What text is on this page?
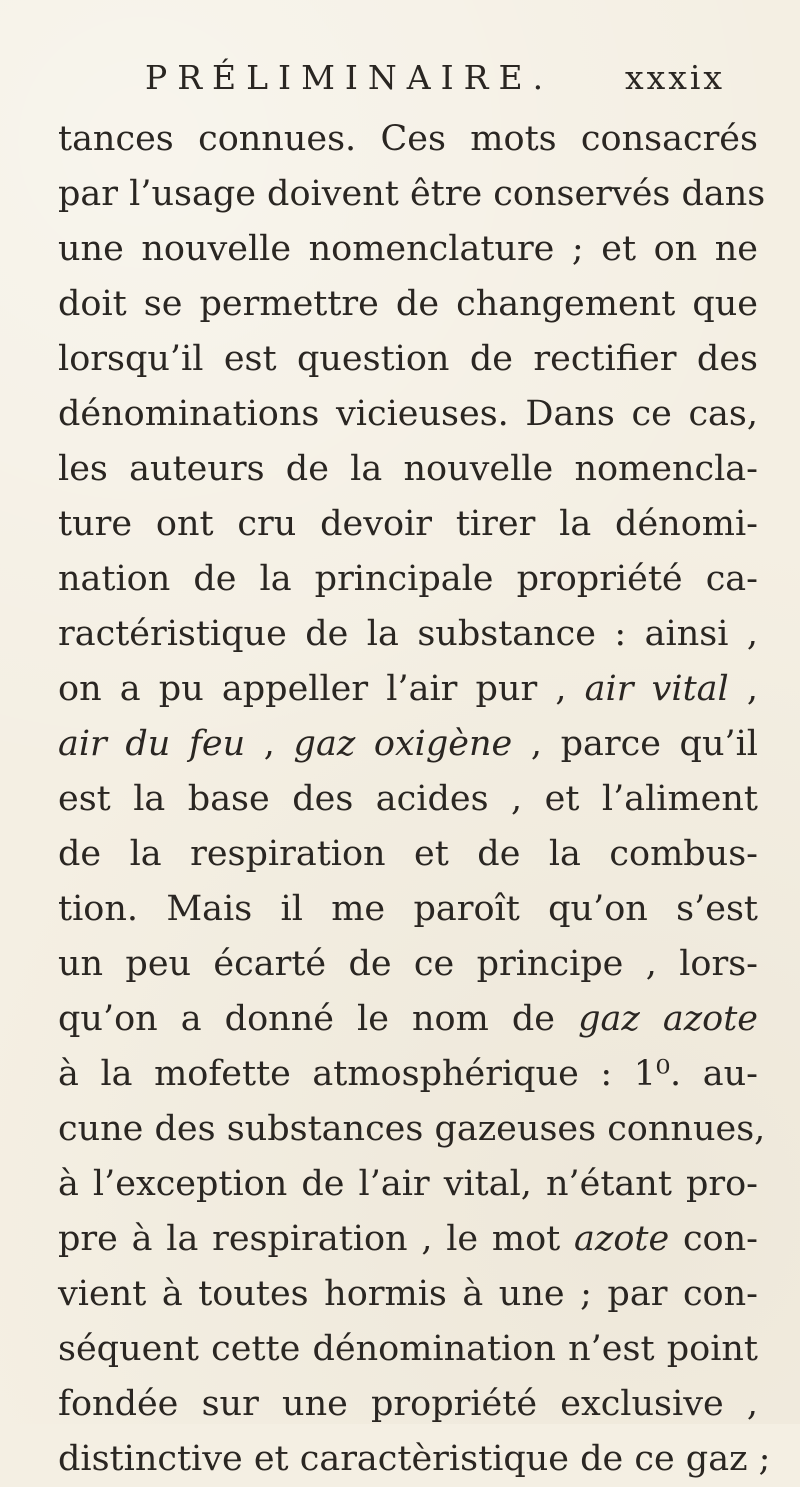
PRÉLIMINAIRE. xxxix
tances connues. Ces mots consacrés
par l’usage doivent être conservés dans
une nouvelle nomenclature ; et on ne
doit se permettre de changement que
lorsqu’il est question de rectifier des
dénominations vicieuses. Dans ce cas,
les auteurs de la nouvelle nomencla-
ture ont cru devoir tirer la dénomi-
nation de la principale propriété ca-
ractéristique de la substance : ainsi ,
on a pu appeller l’air pur , air vital ,
air du feu , gaz oxigène , parce qu’il
est la base des acides , et l’aliment
de la respiration et de la combus-
tion. Mais il me paroît qu’on s’est
un peu écarté de ce principe , lors-
qu’on a donné le nom de gaz azote
à la mofette atmosphérique : 1⁰. au-
cune des substances gazeuses connues,
à l’exception de l’air vital, n’étant pro-
pre à la respiration , le mot azote con-
vient à toutes hormis à une ; par con-
séquent cette dénomination n’est point
fondée sur une propriété exclusive ,
distinctive et caractèristique de ce gaz ;
